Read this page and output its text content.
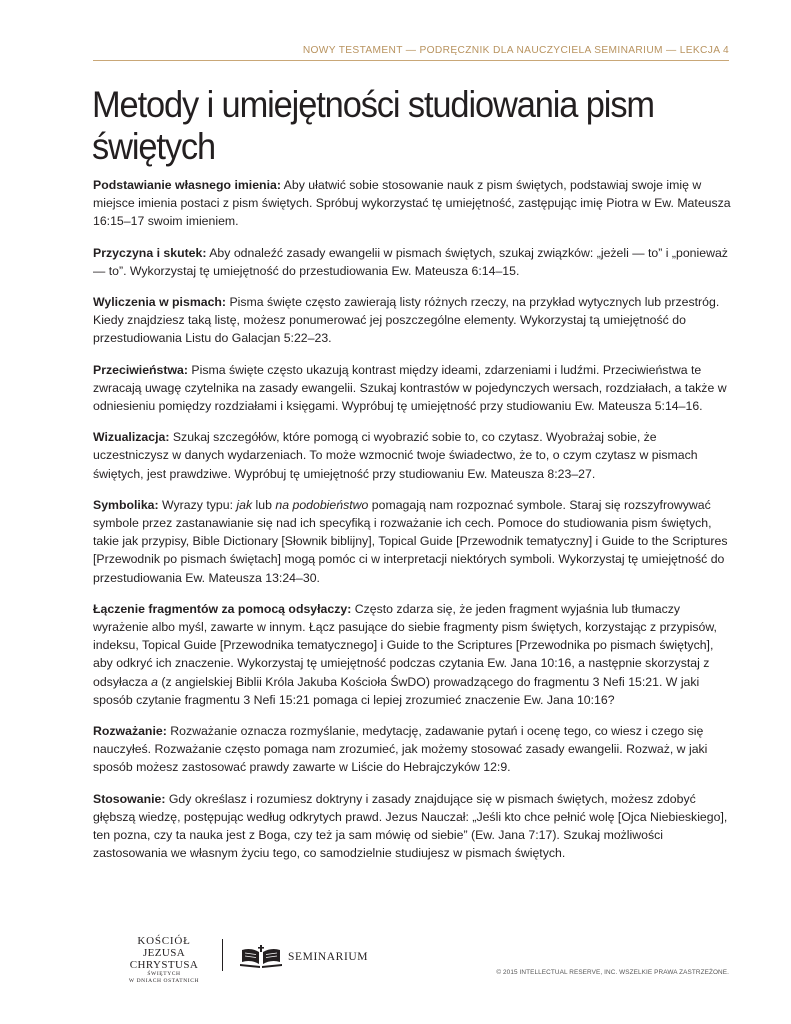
NOWY TESTAMENT — PODRĘCZNIK DLA NAUCZYCIELA SEMINARIUM — LEKCJA 4
Metody i umiejętności studiowania pism
świętych

Podstawianie własnego imienia: Aby ułatwić sobie stosowanie nauk z pism świętych, podstawiaj swoje imię w miejsce imienia postaci z pism świętych. Spróbuj wykorzystać tę umiejętność, zastępując imię Piotra w Ew. Mateusza 16:15–17 swoim imieniem.

Przyczyna i skutek: Aby odnaleźć zasady ewangelii w pismach świętych, szukaj związków: „jeżeli — to” i „ponieważ — to”. Wykorzystaj tę umiejętność do przestudiowania Ew. Mateusza 6:14–15.

Wyliczenia w pismach: Pisma święte często zawierają listy różnych rzeczy, na przykład wytycznych lub przestróg. Kiedy znajdziesz taką listę, możesz ponumerować jej poszczególne elementy. Wykorzystaj tą umiejętność do przestudiowania Listu do Galacjan 5:22–23.

Przeciwieństwa: Pisma święte często ukazują kontrast między ideami, zdarzeniami i ludźmi. Przeciwieństwa te zwracają uwagę czytelnika na zasady ewangelii. Szukaj kontrastów w pojedynczych wersach, rozdziałach, a także w odniesieniu pomiędzy rozdziałami i księgami. Wypróbuj tę umiejętność przy studiowaniu Ew. Mateusza 5:14–16.

Wizualizacja: Szukaj szczegółów, które pomogą ci wyobrazić sobie to, co czytasz. Wyobrażaj sobie, że uczestniczysz w danych wydarzeniach. To może wzmocnić twoje świadectwo, że to, o czym czytasz w pismach świętych, jest prawdziwe. Wypróbuj tę umiejętność przy studiowaniu Ew. Mateusza 8:23–27.

Symbolika: Wyrazy typu: jak lub na podobieństwo pomagają nam rozpoznać symbole. Staraj się rozszyfrowywać symbole przez zastanawianie się nad ich specyfiką i rozważanie ich cech. Pomoce do studiowania pism świętych, takie jak przypisy, Bible Dictionary [Słownik biblijny], Topical Guide [Przewodnik tematyczny] i Guide to the Scriptures [Przewodnik po pismach świętach] mogą pomóc ci w interpretacji niektórych symboli. Wykorzystaj tę umiejętność do przestudiowania Ew. Mateusza 13:24–30.

Łączenie fragmentów za pomocą odsyłaczy: Często zdarza się, że jeden fragment wyjaśnia lub tłumaczy wyrażenie albo myśl, zawarte w innym. Łącz pasujące do siebie fragmenty pism świętych, korzystając z przypisów, indeksu, Topical Guide [Przewodnika tematycznego] i Guide to the Scriptures [Przewodnika po pismach świętych], aby odkryć ich znaczenie. Wykorzystaj tę umiejętność podczas czytania Ew. Jana 10:16, a następnie skorzystaj z odsyłacza a (z angielskiej Biblii Króla Jakuba Kościoła ŚwDO) prowadzącego do fragmentu 3 Nefi 15:21. W jaki sposób czytanie fragmentu 3 Nefi 15:21 pomaga ci lepiej zrozumieć znaczenie Ew. Jana 10:16?

Rozważanie: Rozważanie oznacza rozmyślanie, medytację, zadawanie pytań i ocenę tego, co wiesz i czego się nauczyłeś. Rozważanie często pomaga nam zrozumieć, jak możemy stosować zasady ewangelii. Rozważ, w jaki sposób możesz zastosować prawdy zawarte w Liście do Hebrajczyków 12:9.

Stosowanie: Gdy określasz i rozumiesz doktryny i zasady znajdujące się w pismach świętych, możesz zdobyć głębszą wiedzę, postępując według odkrytych prawd. Jezus Nauczał: „Jeśli kto chce pełnić wolę [Ojca Niebieskiego], ten pozna, czy ta nauka jest z Boga, czy też ja sam mówię od siebie” (Ew. Jana 7:17). Szukaj możliwości zastosowania we własnym życiu tego, co samodzielnie studiujesz w pismach świętych.

KOŚCIÓŁ
JEZUSA CHRYSTUSA
ŚWIĘTYCH
W DNIACH OSTATNICH
SEMINARIUM
© 2015 INTELLECTUAL RESERVE, INC. WSZELKIE PRAWA ZASTRZEŻONE.
